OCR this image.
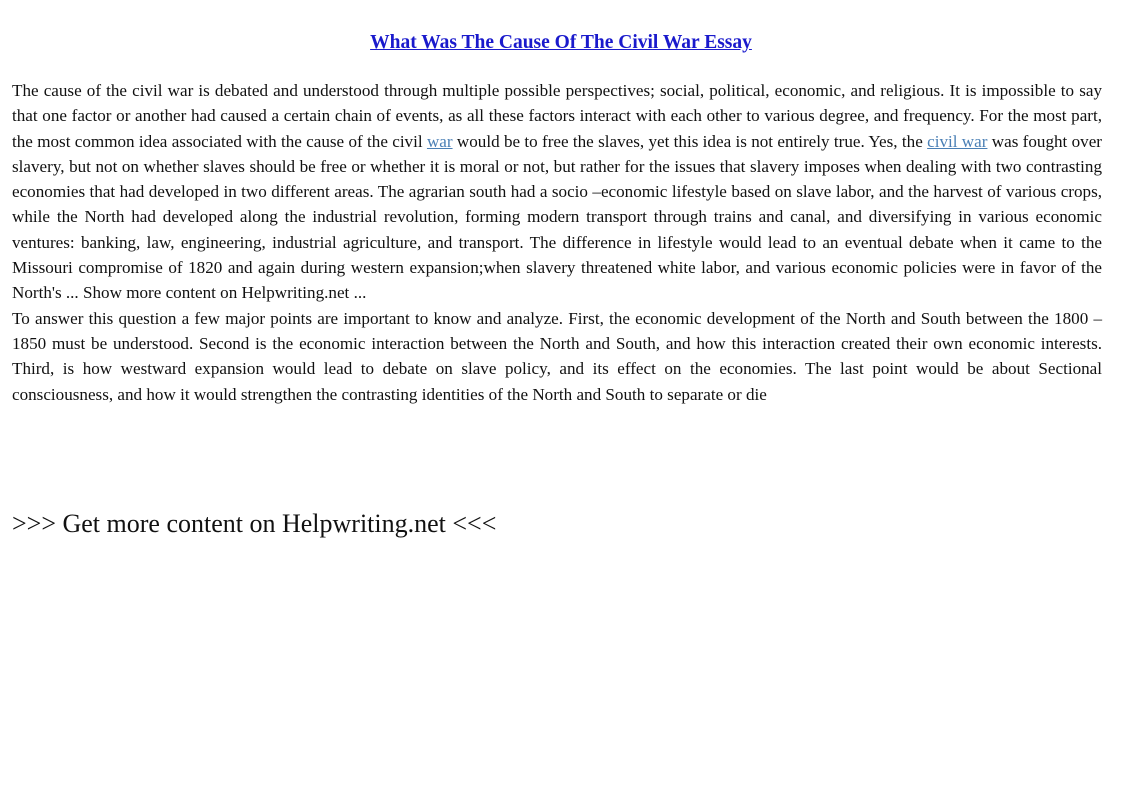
What Was The Cause Of The Civil War Essay

The cause of the civil war is debated and understood through multiple possible perspectives; social, political, economic, and religious. It is impossible to say that one factor or another had caused a certain chain of events, as all these factors interact with each other to various degree, and frequency. For the most part, the most common idea associated with the cause of the civil war would be to free the slaves, yet this idea is not entirely true. Yes, the civil war was fought over slavery, but not on whether slaves should be free or whether it is moral or not, but rather for the issues that slavery imposes when dealing with two contrasting economies that had developed in two different areas. The agrarian south had a socio –economic lifestyle based on slave labor, and the harvest of various crops, while the North had developed along the industrial revolution, forming modern transport through trains and canal, and diversifying in various economic ventures: banking, law, engineering, industrial agriculture, and transport. The difference in lifestyle would lead to an eventual debate when it came to the Missouri compromise of 1820 and again during western expansion;when slavery threatened white labor, and various economic policies were in favor of the North's ... Show more content on Helpwriting.net ...

To answer this question a few major points are important to know and analyze. First, the economic development of the North and South between the 1800 – 1850 must be understood. Second is the economic interaction between the North and South, and how this interaction created their own economic interests. Third, is how westward expansion would lead to debate on slave policy, and its effect on the economies. The last point would be about Sectional consciousness, and how it would strengthen the contrasting identities of the North and South to separate or die

>>> Get more content on Helpwriting.net <<<
